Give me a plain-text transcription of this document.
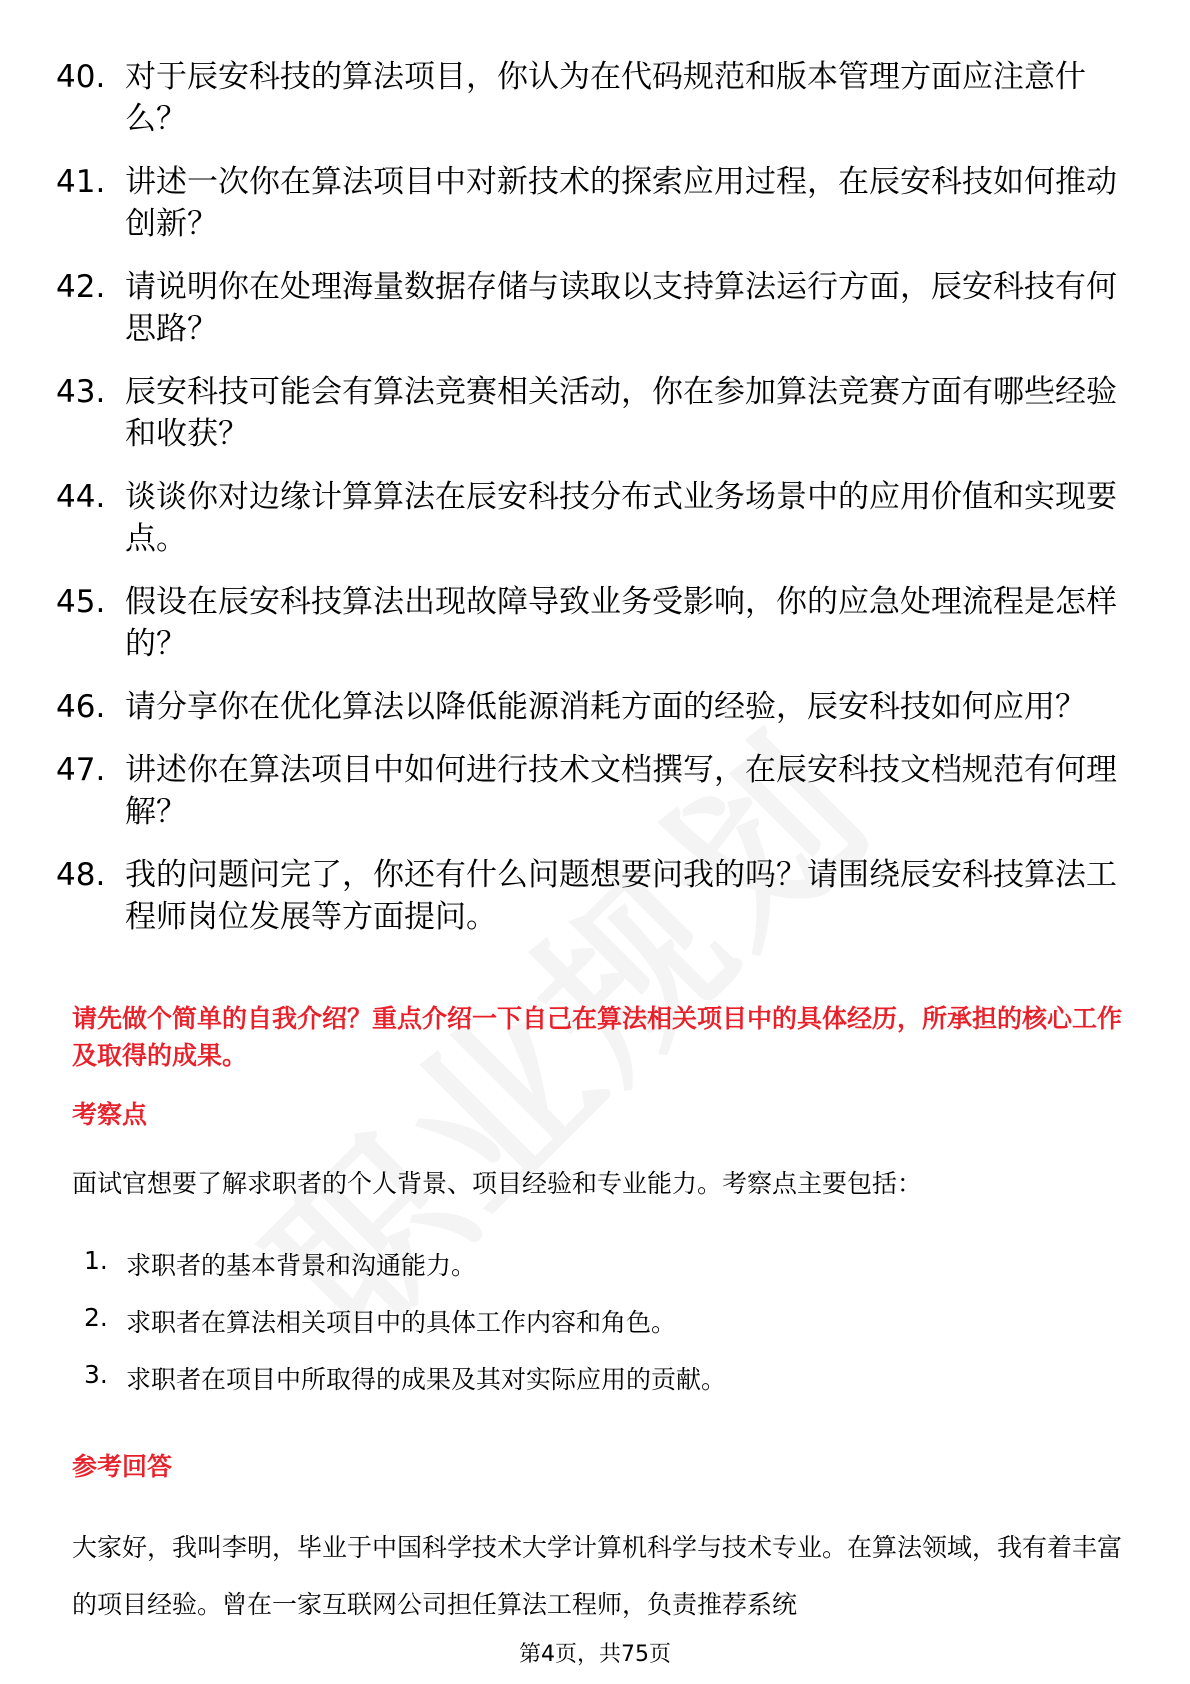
40. 对于辰安科技的算法项目，你认为在代码规范和版本管理方面应注意什么？
41. 讲述一次你在算法项目中对新技术的探索应用过程，在辰安科技如何推动创新？
42. 请说明你在处理海量数据存储与读取以支持算法运行方面，辰安科技有何思路？
43. 辰安科技可能会有算法竞赛相关活动，你在参加算法竞赛方面有哪些经验和收获？
44. 谈谈你对边缘计算算法在辰安科技分布式业务场景中的应用价值和实现要点。
45. 假设在辰安科技算法出现故障导致业务受影响，你的应急处理流程是怎样的？
46. 请分享你在优化算法以降低能源消耗方面的经验，辰安科技如何应用？
47. 讲述你在算法项目中如何进行技术文档撰写，在辰安科技文档规范有何理解？
48. 我的问题问完了，你还有什么问题想要问我的吗？请围绕辰安科技算法工程师岗位发展等方面提问。
请先做个简单的自我介绍？重点介绍一下自己在算法相关项目中的具体经历，所承担的核心工作及取得的成果。
考察点
面试官想要了解求职者的个人背景、项目经验和专业能力。考察点主要包括：
1. 求职者的基本背景和沟通能力。
2. 求职者在算法相关项目中的具体工作内容和角色。
3. 求职者在项目中所取得的成果及其对实际应用的贡献。
参考回答
大家好，我叫李明，毕业于中国科学技术大学计算机科学与技术专业。在算法领域，我有着丰富的项目经验。曾在一家互联网公司担任算法工程师，负责推荐系统
第4页，共75页
